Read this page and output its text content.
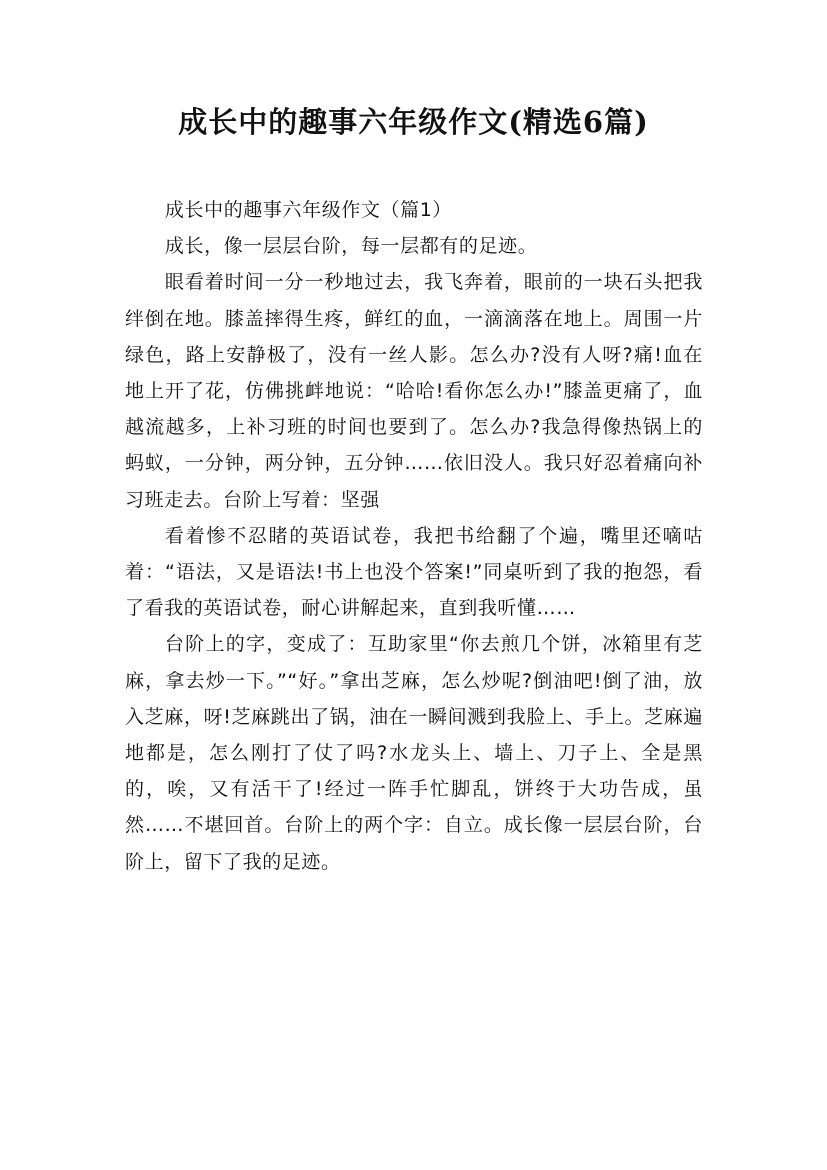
成长中的趣事六年级作文(精选6篇)

成长中的趣事六年级作文（篇1）

成长，像一层层台阶，每一层都有的足迹。

眼看着时间一分一秒地过去，我飞奔着，眼前的一块石头把我绊倒在地。膝盖摔得生疼，鲜红的血，一滴滴落在地上。周围一片绿色，路上安静极了，没有一丝人影。怎么办?没有人呀?痛!血在地上开了花，仿佛挑衅地说：“哈哈!看你怎么办!”膝盖更痛了，血越流越多，上补习班的时间也要到了。怎么办?我急得像热锅上的蚂蚁，一分钟，两分钟，五分钟……依旧没人。我只好忍着痛向补习班走去。台阶上写着：坚强

看着惨不忍睹的英语试卷，我把书给翻了个遍，嘴里还嘀咕着：“语法，又是语法!书上也没个答案!”同桌听到了我的抱怨，看了看我的英语试卷，耐心讲解起来，直到我听懂……

台阶上的字，变成了：互助家里“你去煎几个饼，冰箱里有芝麻，拿去炒一下。”“好。”拿出芝麻，怎么炒呢?倒油吧!倒了油，放入芝麻，呀!芝麻跳出了锅，油在一瞬间溅到我脸上、手上。芝麻遍地都是，怎么刚打了仗了吗?水龙头上、墙上、刀子上、全是黑的，唉，又有活干了!经过一阵手忙脚乱，饼终于大功告成，虽然……不堪回首。台阶上的两个字：自立。成长像一层层台阶，台阶上，留下了我的足迹。
